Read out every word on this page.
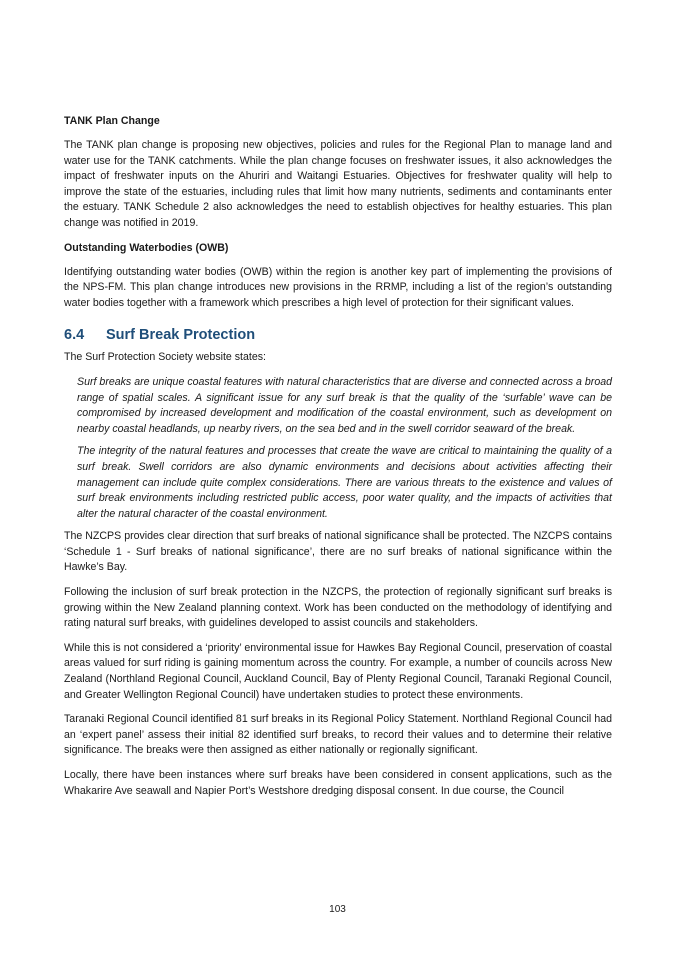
TANK Plan Change

The TANK plan change is proposing new objectives, policies and rules for the Regional Plan to manage land and water use for the TANK catchments. While the plan change focuses on freshwater issues, it also acknowledges the impact of freshwater inputs on the Ahuriri and Waitangi Estuaries. Objectives for freshwater quality will help to improve the state of the estuaries, including rules that limit how many nutrients, sediments and contaminants enter the estuary. TANK Schedule 2 also acknowledges the need to establish objectives for healthy estuaries. This plan change was notified in 2019.

Outstanding Waterbodies (OWB)

Identifying outstanding water bodies (OWB) within the region is another key part of implementing the provisions of the NPS-FM. This plan change introduces new provisions in the RRMP, including a list of the region’s outstanding water bodies together with a framework which prescribes a high level of protection for their significant values.

6.4 Surf Break Protection

The Surf Protection Society website states:

Surf breaks are unique coastal features with natural characteristics that are diverse and connected across a broad range of spatial scales. A significant issue for any surf break is that the quality of the ‘surfable’ wave can be compromised by increased development and modification of the coastal environment, such as development on nearby coastal headlands, up nearby rivers, on the sea bed and in the swell corridor seaward of the break.

The integrity of the natural features and processes that create the wave are critical to maintaining the quality of a surf break. Swell corridors are also dynamic environments and decisions about activities affecting their management can include quite complex considerations. There are various threats to the existence and values of surf break environments including restricted public access, poor water quality, and the impacts of activities that alter the natural character of the coastal environment.

The NZCPS provides clear direction that surf breaks of national significance shall be protected. The NZCPS contains ‘Schedule 1 - Surf breaks of national significance’, there are no surf breaks of national significance within the Hawke’s Bay.

Following the inclusion of surf break protection in the NZCPS, the protection of regionally significant surf breaks is growing within the New Zealand planning context. Work has been conducted on the methodology of identifying and rating natural surf breaks, with guidelines developed to assist councils and stakeholders.

While this is not considered a ‘priority’ environmental issue for Hawkes Bay Regional Council, preservation of coastal areas valued for surf riding is gaining momentum across the country. For example, a number of councils across New Zealand (Northland Regional Council, Auckland Council, Bay of Plenty Regional Council, Taranaki Regional Council, and Greater Wellington Regional Council) have undertaken studies to protect these environments.

Taranaki Regional Council identified 81 surf breaks in its Regional Policy Statement. Northland Regional Council had an ‘expert panel’ assess their initial 82 identified surf breaks, to record their values and to determine their relative significance. The breaks were then assigned as either nationally or regionally significant.

Locally, there have been instances where surf breaks have been considered in consent applications, such as the Whakarire Ave seawall and Napier Port’s Westshore dredging disposal consent. In due course, the Council

103
